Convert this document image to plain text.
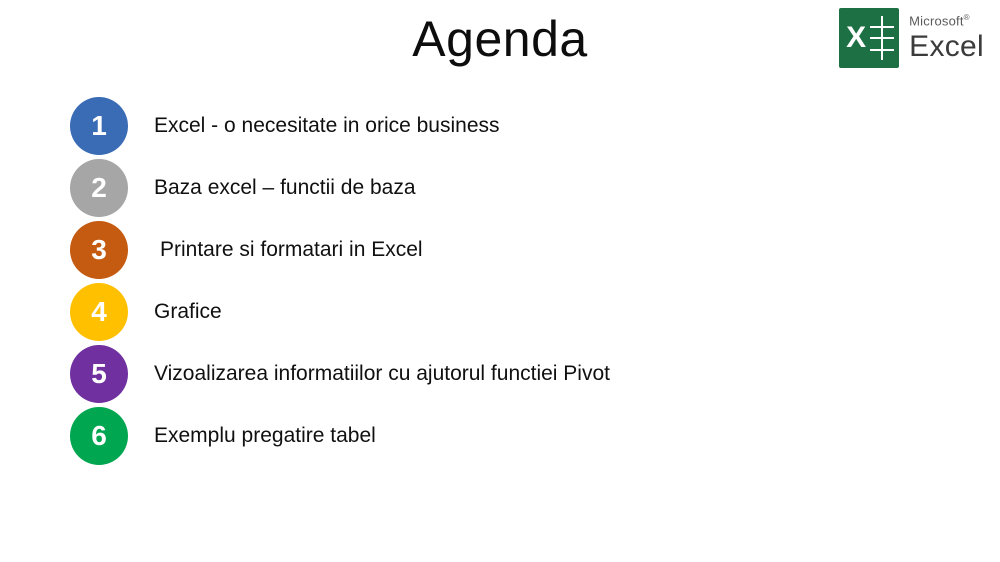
Agenda	X	Microsoft®
Excel
1	Excel - o necesitate in orice business
2	Baza excel – functii de baza
3	Printare si formatari in Excel
4	Grafice
5	Vizoalizarea informatiilor cu ajutorul functiei Pivot
6	Exemplu pregatire tabel
